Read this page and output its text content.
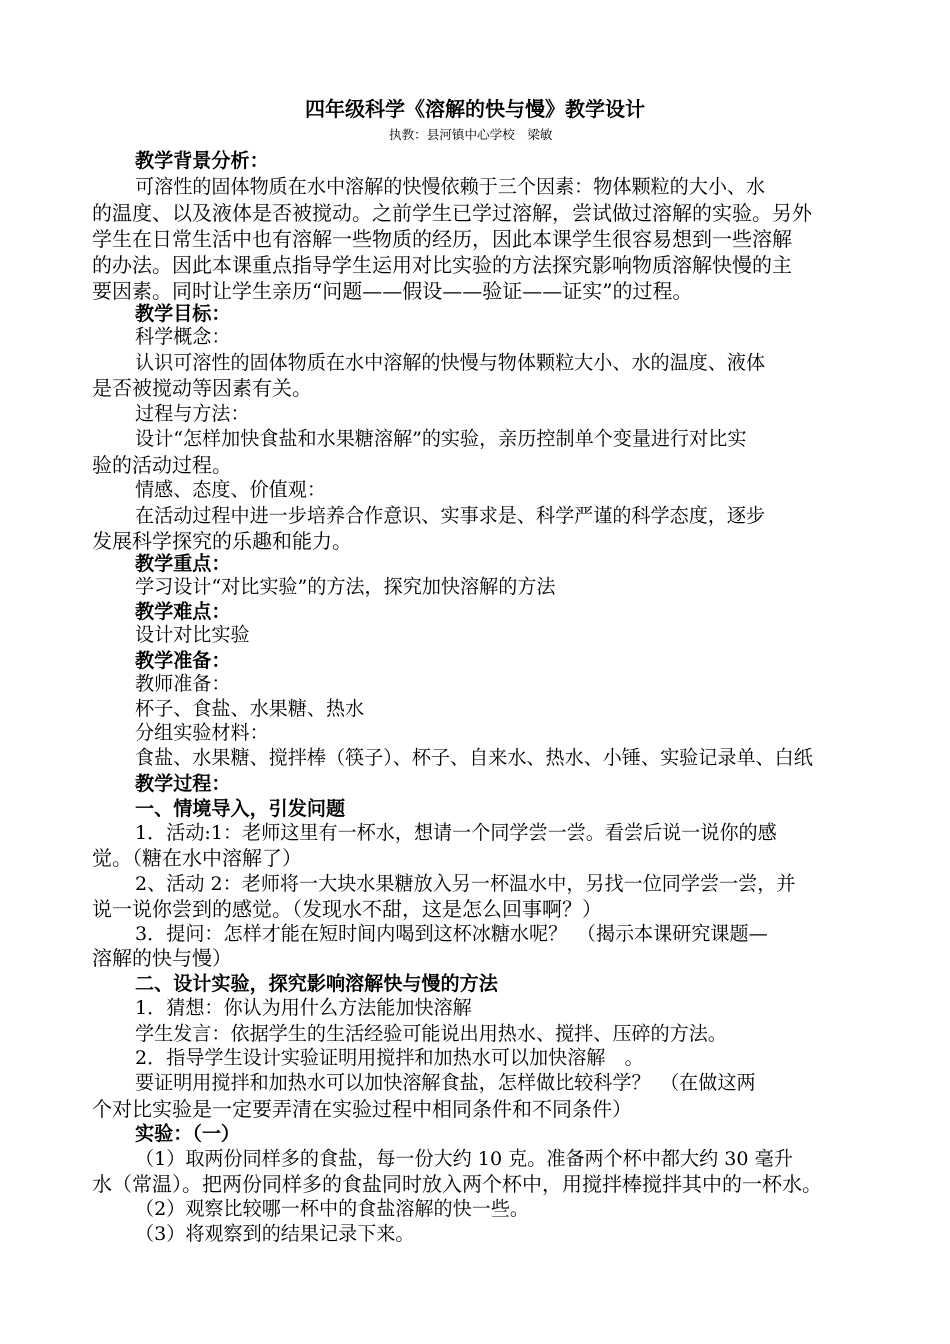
四年级科学《溶解的快与慢》教学设计
执教：县河镇中心学校　梁敏
教学背景分析：
可溶性的固体物质在水中溶解的快慢依赖于三个因素：物体颗粒的大小、水
的温度、以及液体是否被搅动。之前学生已学过溶解，尝试做过溶解的实验。另外
学生在日常生活中也有溶解一些物质的经历，因此本课学生很容易想到一些溶解
的办法。因此本课重点指导学生运用对比实验的方法探究影响物质溶解快慢的主
要因素。同时让学生亲历“问题——假设——验证——证实”的过程。
教学目标：
科学概念：
认识可溶性的固体物质在水中溶解的快慢与物体颗粒大小、水的温度、液体
是否被搅动等因素有关。
过程与方法：
设计“怎样加快食盐和水果糖溶解”的实验，亲历控制单个变量进行对比实
验的活动过程。
情感、态度、价值观：
在活动过程中进一步培养合作意识、实事求是、科学严谨的科学态度，逐步
发展科学探究的乐趣和能力。
教学重点：
学习设计“对比实验”的方法，探究加快溶解的方法
教学难点：
设计对比实验
教学准备：
教师准备：
杯子、食盐、水果糖、热水
分组实验材料：
食盐、水果糖、搅拌棒（筷子）、杯子、自来水、热水、小锤、实验记录单、白纸
教学过程：
一、情境导入，引发问题
1．活动:1：老师这里有一杯水，想请一个同学尝一尝。看尝后说一说你的感
觉。（糖在水中溶解了）
2、活动 2：老师将一大块水果糖放入另一杯温水中，另找一位同学尝一尝，并
说一说你尝到的感觉。（发现水不甜，这是怎么回事啊？）
3．提问：怎样才能在短时间内喝到这杯冰糖水呢？　（揭示本课研究课题—
溶解的快与慢）
二、设计实验，探究影响溶解快与慢的方法
1．猜想：你认为用什么方法能加快溶解
学生发言：依据学生的生活经验可能说出用热水、搅拌、压碎的方法。
2．指导学生设计实验证明用搅拌和加热水可以加快溶解　。
要证明用搅拌和加热水可以加快溶解食盐，怎样做比较科学？　（在做这两
个对比实验是一定要弄清在实验过程中相同条件和不同条件）
实验：（一）
（1）取两份同样多的食盐，每一份大约 10 克。准备两个杯中都大约 30 毫升
水（常温）。把两份同样多的食盐同时放入两个杯中，用搅拌棒搅拌其中的一杯水。
（2）观察比较哪一杯中的食盐溶解的快一些。
（3）将观察到的结果记录下来。
